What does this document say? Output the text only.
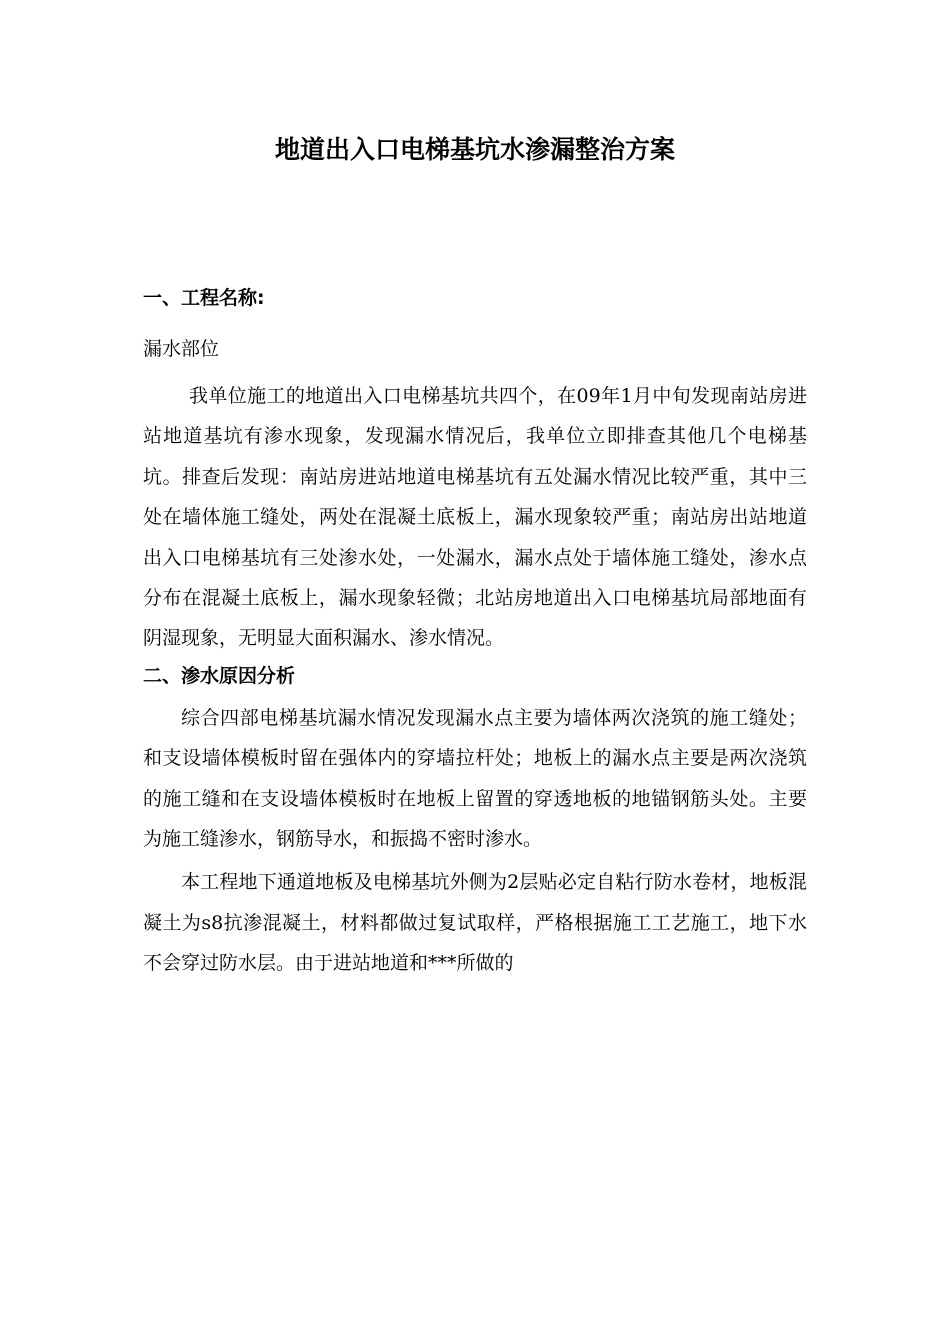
地道出入口电梯基坑水渗漏整治方案

一、工程名称:

漏水部位

我单位施工的地道出入口电梯基坑共四个，在09年1月中旬发现南站房进站地道基坑有渗水现象，发现漏水情况后，我单位立即排查其他几个电梯基坑。排查后发现：南站房进站地道电梯基坑有五处漏水情况比较严重，其中三处在墙体施工缝处，两处在混凝土底板上，漏水现象较严重；南站房出站地道出入口电梯基坑有三处渗水处，一处漏水，漏水点处于墙体施工缝处，渗水点分布在混凝土底板上，漏水现象轻微；北站房地道出入口电梯基坑局部地面有阴湿现象，无明显大面积漏水、渗水情况。

二、渗水原因分析

综合四部电梯基坑漏水情况发现漏水点主要为墙体两次浇筑的施工缝处；和支设墙体模板时留在强体内的穿墙拉杆处；地板上的漏水点主要是两次浇筑的施工缝和在支设墙体模板时在地板上留置的穿透地板的地锚钢筋头处。主要为施工缝渗水，钢筋导水，和振捣不密时渗水。

本工程地下通道地板及电梯基坑外侧为2层贴必定自粘行防水卷材，地板混凝土为s8抗渗混凝土，材料都做过复试取样，严格根据施工工艺施工，地下水不会穿过防水层。由于进站地道和***所做的
